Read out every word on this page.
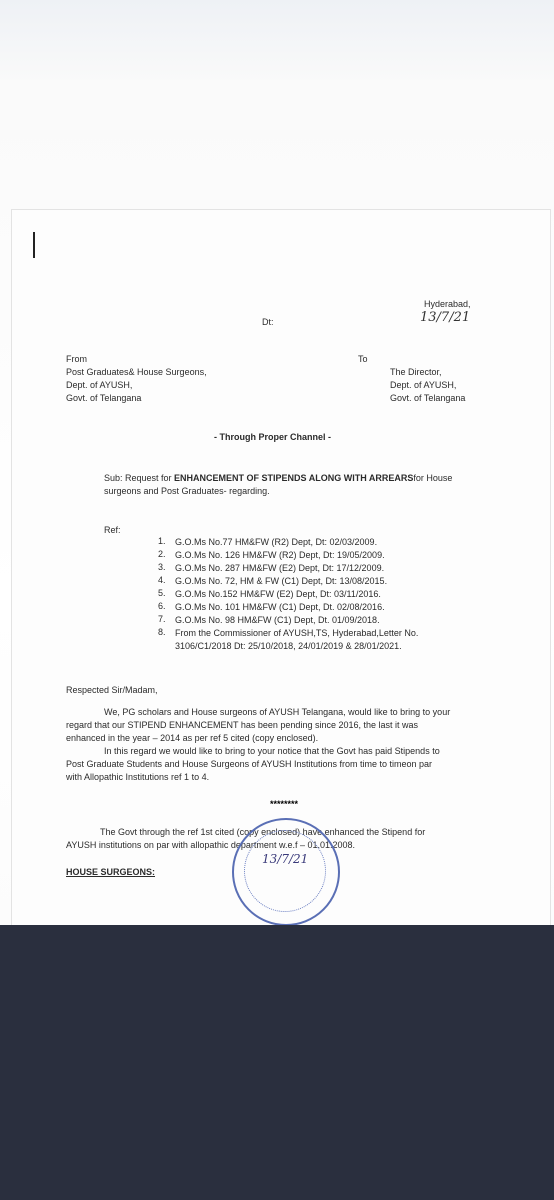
Hyderabad,
Dt:	13/7/21
From
Post Graduates& House Surgeons,
Dept. of AYUSH,
Govt. of Telangana
To
The Director,
Dept. of AYUSH,
Govt. of Telangana
- Through Proper Channel -
Sub: Request for ENHANCEMENT OF STIPENDS ALONG WITH ARREARSfor House
surgeons and Post Graduates- regarding.
Ref:
1. G.O.Ms No.77 HM&FW (R2) Dept, Dt: 02/03/2009.
2. G.O.Ms No. 126 HM&FW (R2) Dept, Dt: 19/05/2009.
3. G.O.Ms No. 287 HM&FW (E2) Dept, Dt: 17/12/2009.
4. G.O.Ms No. 72, HM & FW (C1) Dept, Dt: 13/08/2015.
5. G.O.Ms No.152 HM&FW (E2) Dept, Dt: 03/11/2016.
6. G.O.Ms No. 101 HM&FW (C1) Dept, Dt. 02/08/2016.
7. G.O.Ms No. 98 HM&FW (C1) Dept, Dt. 01/09/2018.
8. From the Commissioner of AYUSH,TS, Hyderabad,Letter No.
3106/C1/2018 Dt: 25/10/2018, 24/01/2019 & 28/01/2021.
Respected Sir/Madam,
We, PG scholars and House surgeons of AYUSH Telangana, would like to bring to your
regard that our STIPEND ENHANCEMENT has been pending since 2016, the last it was
enhanced in the year – 2014 as per ref 5 cited (copy enclosed).
In this regard we would like to bring to your notice that the Govt has paid Stipends to
Post Graduate Students and House Surgeons of AYUSH Institutions from time to timeon par
with Allopathic Institutions ref 1 to 4.
********
The Govt through the ref 1st cited (copy enclosed) have enhanced the Stipend for
AYUSH institutions on par with allopathic department w.e.f – 01.01.2008.
HOUSE SURGEONS:
13/7/21
